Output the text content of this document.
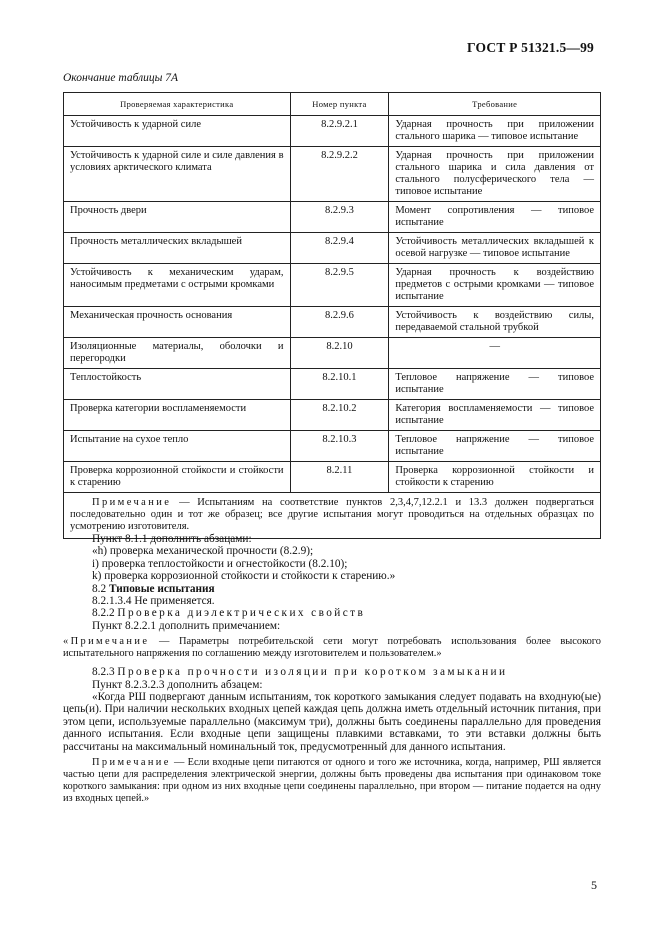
ГОСТ Р 51321.5—99
Окончание таблицы 7А
Проверяемая характеристика	Номер пункта	Требование
Устойчивость к ударной силе	8.2.9.2.1	Ударная прочность при приложении стального шарика — типовое испытание
Устойчивость к ударной силе и силе давления в условиях арктического климата	8.2.9.2.2	Ударная прочность при приложении стального шарика и сила давления от стального полусферического тела — типовое испытание
Прочность двери	8.2.9.3	Момент сопротивления — типовое испытание
Прочность металлических вкладышей	8.2.9.4	Устойчивость металлических вкладышей к осевой нагрузке — типовое испытание
Устойчивость к механическим ударам, наносимым предметами с острыми кромками	8.2.9.5	Ударная прочность к воздействию предметов с острыми кромками — типовое испытание
Механическая прочность основания	8.2.9.6	Устойчивость к воздействию силы, передаваемой стальной трубкой
Изоляционные материалы, оболочки и перегородки	8.2.10	—
Теплостойкость	8.2.10.1	Тепловое напряжение — типовое испытание
Проверка категории воспламеняемости	8.2.10.2	Категория воспламеняемости — типовое испытание
Испытание на сухое тепло	8.2.10.3	Тепловое напряжение — типовое испытание
Проверка коррозионной стойкости и стойкости к старению	8.2.11	Проверка коррозионной стойкости и стойкости к старению
Примечание — Испытаниям на соответствие пунктов 2,3,4,7,12.2.1 и 13.3 должен подвергаться последовательно один и тот же образец; все другие испытания могут проводиться на отдельных образцах по усмотрению изготовителя.		

Пункт 8.1.1 дополнить абзацами:

«h) проверка механической прочности (8.2.9);

i) проверка теплостойкости и огнестойкости (8.2.10);

k) проверка коррозионной стойкости и стойкости к старению.»

8.2 Типовые испытания

8.2.1.3.4 Не применяется.

8.2.2 Проверка диэлектрических свойств

Пункт 8.2.2.1 дополнить примечанием:

«Примечание — Параметры потребительской сети могут потребовать использования более высокого испытательного напряжения по соглашению между изготовителем и пользователем.»

8.2.3 Проверка прочности изоляции при коротком замыкании

Пункт 8.2.3.2.3 дополнить абзацем:

«Когда РШ подвергают данным испытаниям, ток короткого замыкания следует подавать на входную(ые) цепь(и). При наличии нескольких входных цепей каждая цепь должна иметь отдельный источник питания, при этом цепи, используемые параллельно (максимум три), должны быть соединены параллельно для проведения данного испытания. Если входные цепи защищены плавкими вставками, то эти вставки должны быть рассчитаны на максимальный номинальный ток, предусмотренный для данного испытания.

Примечание — Если входные цепи питаются от одного и того же источника, когда, например, РШ является частью цепи для распределения электрической энергии, должны быть проведены два испытания при одинаковом токе короткого замыкания: при одном из них входные цепи соединены параллельно, при втором — питание подается на одну из входных цепей.»

5
